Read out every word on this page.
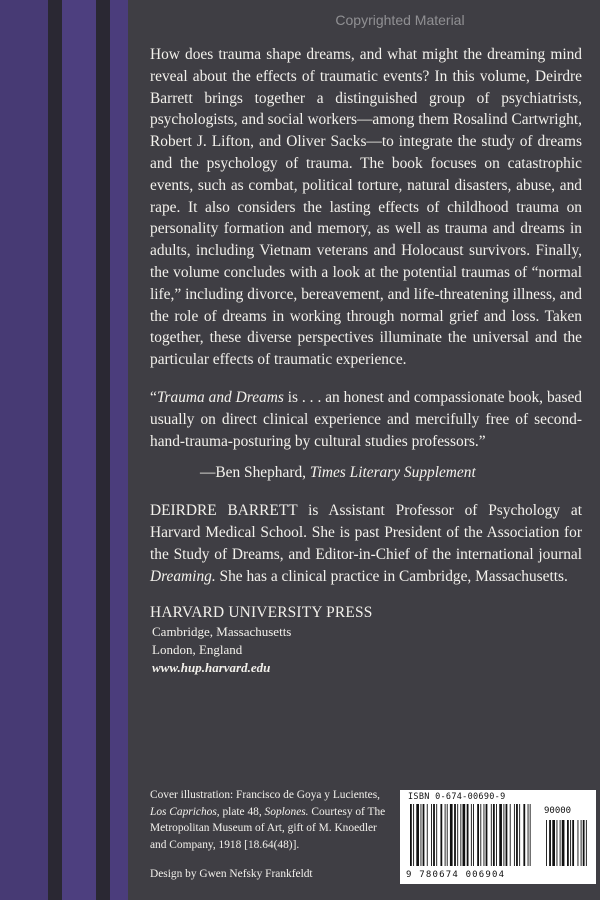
Copyrighted Material

How does trauma shape dreams, and what might the dreaming mind reveal about the effects of traumatic events? In this volume, Deirdre Barrett brings together a distinguished group of psychiatrists, psychologists, and social workers—among them Rosalind Cartwright, Robert J. Lifton, and Oliver Sacks—to integrate the study of dreams and the psychology of trauma. The book focuses on catastrophic events, such as combat, political torture, natural disasters, abuse, and rape. It also considers the lasting effects of childhood trauma on personality formation and memory, as well as trauma and dreams in adults, including Vietnam veterans and Holocaust survivors. Finally, the volume concludes with a look at the potential traumas of “normal life,” including divorce, bereavement, and life-threatening illness, and the role of dreams in working through normal grief and loss. Taken together, these diverse perspectives illuminate the universal and the particular effects of traumatic experience.

“Trauma and Dreams is . . . an honest and compassionate book, based usually on direct clinical experience and mercifully free of second-hand-trauma-posturing by cultural studies professors.”

—Ben Shephard, Times Literary Supplement

DEIRDRE BARRETT is Assistant Professor of Psychology at Harvard Medical School. She is past President of the Association for the Study of Dreams, and Editor-in-Chief of the international journal Dreaming. She has a clinical practice in Cambridge, Massachusetts.

HARVARD UNIVERSITY PRESS
Cambridge, Massachusetts
London, England
www.hup.harvard.edu
Cover illustration: Francisco de Goya y Lucientes, Los Caprichos, plate 48, Soplones. Courtesy of The Metropolitan Museum of Art, gift of M. Knoedler and Company, 1918 [18.64(48)].
Design by Gwen Nefsky Frankfeldt
ISBN 0-674-00690-9
90000
9 780674 006904
